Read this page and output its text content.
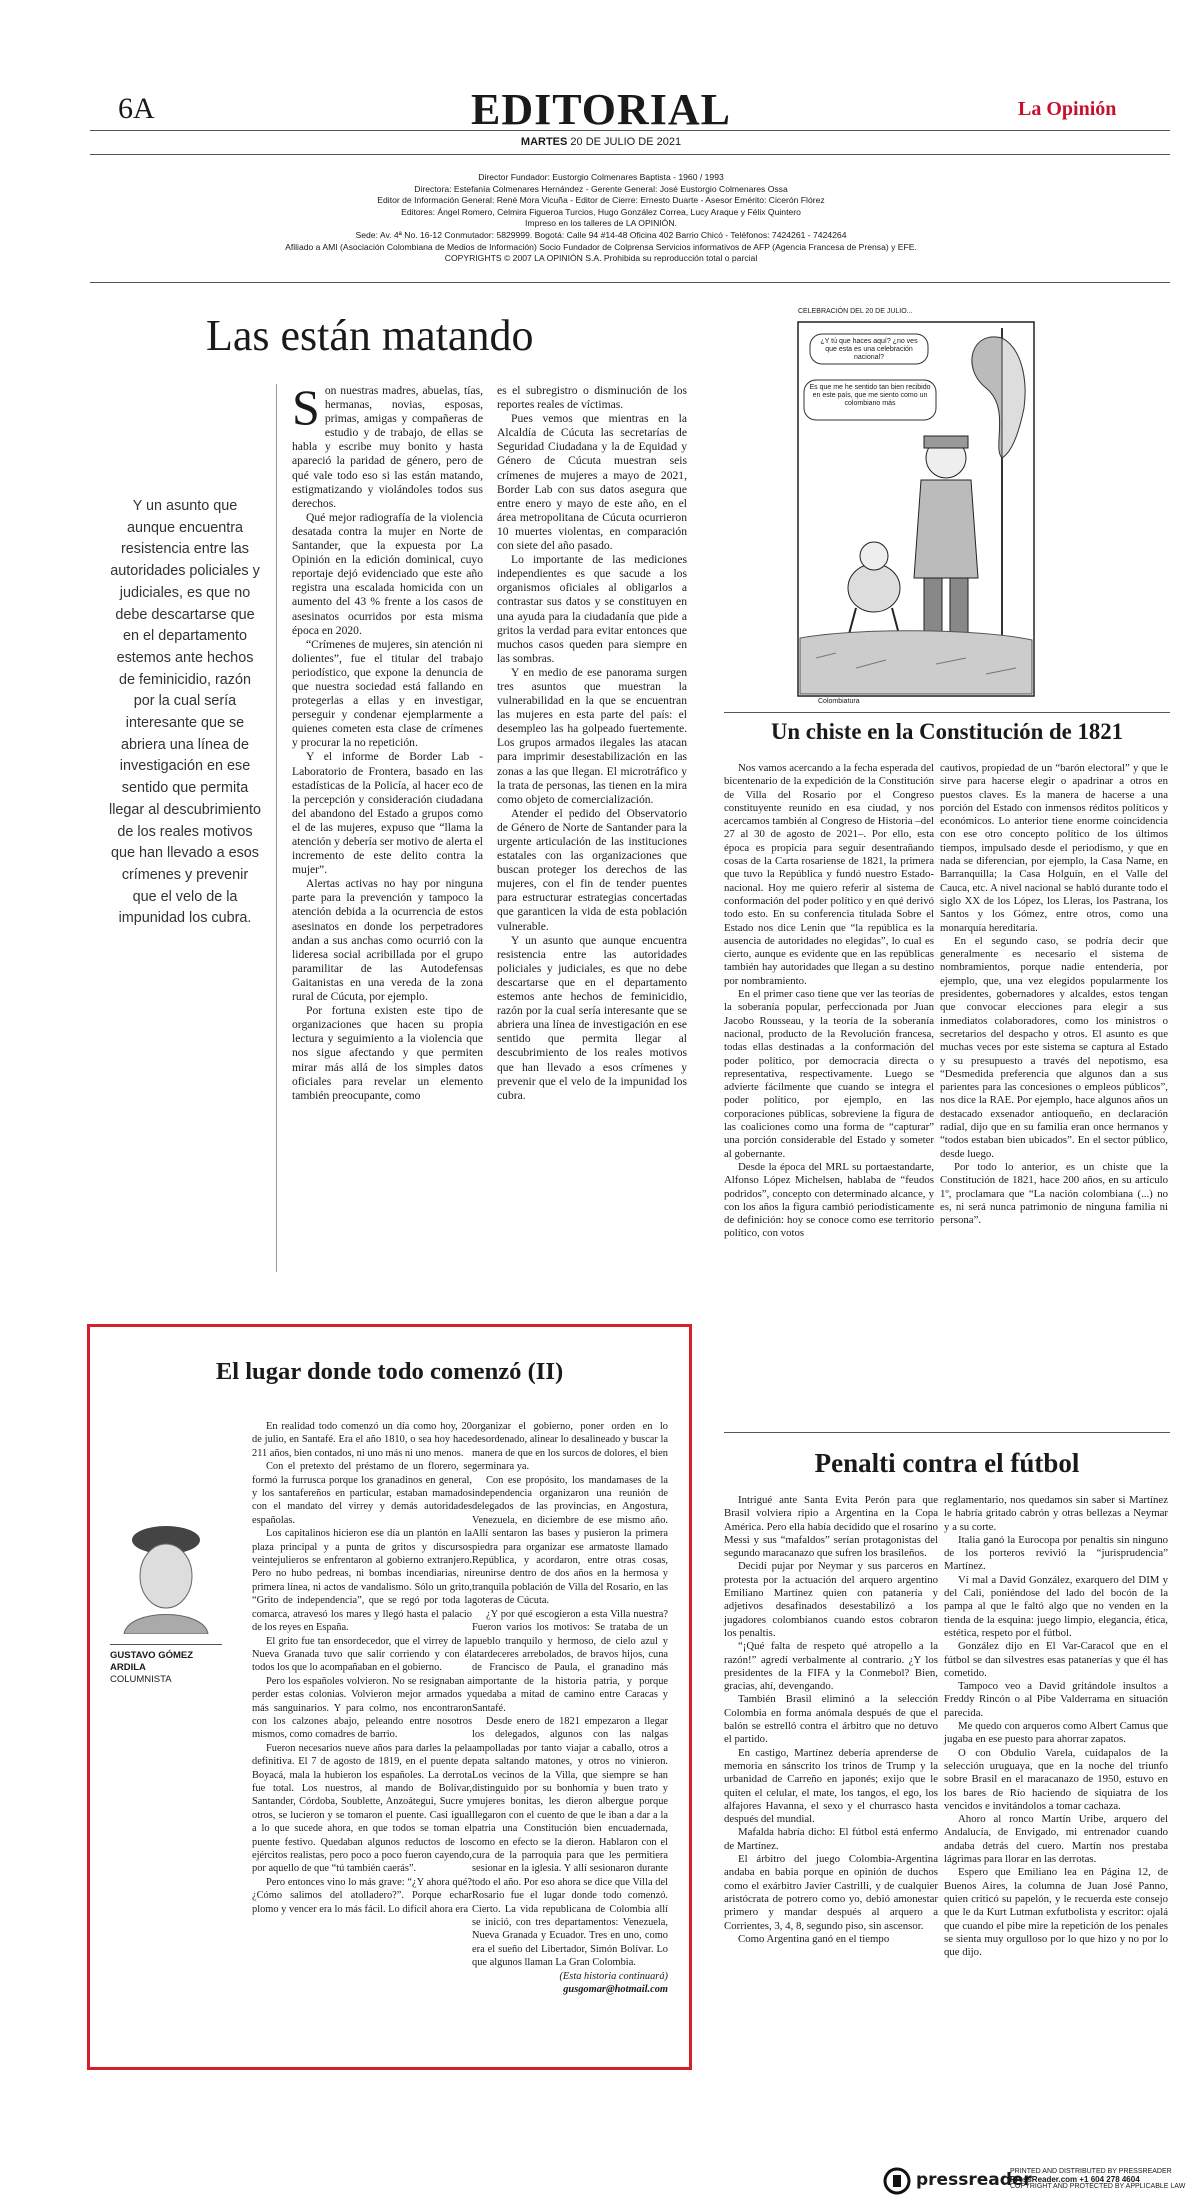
6A	EDITORIAL	La Opinión
MARTES 20 DE JULIO DE 2021

Director Fundador: Eustorgio Colmenares Baptista - 1960 / 1993

Directora: Estefanía Colmenares Hernández - Gerente General: José Eustorgio Colmenares Ossa

Editor de Información General: René Mora Vicuña - Editor de Cierre: Ernesto Duarte - Asesor Emérito: Cicerón Flórez

Editores: Ángel Romero, Celmira Figueroa Turcios, Hugo González Correa, Lucy Araque y Félix Quintero

Impreso en los talleres de LA OPINIÓN.

Sede: Av. 4ª No. 16-12 Conmutador: 5829999. Bogotá: Calle 94 #14-48 Oficina 402 Barrio Chicó - Teléfonos: 7424261 - 7424264

Afiliado a AMI (Asociación Colombiana de Medios de Información) Socio Fundador de Colprensa Servicios informativos de AFP (Agencia Francesa de Prensa) y EFE.

COPYRIGHTS © 2007 LA OPINIÓN S.A. Prohibida su reproducción total o parcial

Las están matando
Y un asunto que aunque encuentra resistencia entre las autoridades policiales y judiciales, es que no debe descartarse que en el departamento estemos ante hechos de feminicidio, razón por la cual sería interesante que se abriera una línea de investigación en ese sentido que permita llegar al descubrimiento de los reales motivos que han llevado a esos crímenes y prevenir que el velo de la impunidad los cubra.

Son nuestras madres, abuelas, tías, hermanas, novias, esposas, primas, amigas y compañeras de estudio y de trabajo, de ellas se habla y escribe muy bonito y hasta apareció la paridad de género, pero de qué vale todo eso si las están matando, estigmatizando y violándoles todos sus derechos.

Qué mejor radiografía de la violencia desatada contra la mujer en Norte de Santander, que la expuesta por La Opinión en la edición dominical, cuyo reportaje dejó evidenciado que este año registra una escalada homicida con un aumento del 43 % frente a los casos de asesinatos ocurridos por esta misma época en 2020.

“Crímenes de mujeres, sin atención ni dolientes”, fue el titular del trabajo periodístico, que expone la denuncia de que nuestra sociedad está fallando en protegerlas a ellas y en investigar, perseguir y condenar ejemplarmente a quienes cometen esta clase de crímenes y procurar la no repetición.

Y el informe de Border Lab - Laboratorio de Frontera, basado en las estadísticas de la Policía, al hacer eco de la percepción y consideración ciudadana del abandono del Estado a grupos como el de las mujeres, expuso que “llama la atención y debería ser motivo de alerta el incremento de este delito contra la mujer”.

Alertas activas no hay por ninguna parte para la prevención y tampoco la atención debida a la ocurrencia de estos asesinatos en donde los perpetradores andan a sus anchas como ocurrió con la lideresa social acribillada por el grupo paramilitar de las Autodefensas Gaitanistas en una vereda de la zona rural de Cúcuta, por ejemplo.

Por fortuna existen este tipo de organizaciones que hacen su propia lectura y seguimiento a la violencia que nos sigue afectando y que permiten mirar más allá de los simples datos oficiales para revelar un elemento también preocupante, como

es el subregistro o disminución de los reportes reales de víctimas.

Pues vemos que mientras en la Alcaldía de Cúcuta las secretarías de Seguridad Ciudadana y la de Equidad y Género de Cúcuta muestran seis crímenes de mujeres a mayo de 2021, Border Lab con sus datos asegura que entre enero y mayo de este año, en el área metropolitana de Cúcuta ocurrieron 10 muertes violentas, en comparación con siete del año pasado.

Lo importante de las mediciones independientes es que sacude a los organismos oficiales al obligarlos a contrastar sus datos y se constituyen en una ayuda para la ciudadanía que pide a gritos la verdad para evitar entonces que muchos casos queden para siempre en las sombras.

Y en medio de ese panorama surgen tres asuntos que muestran la vulnerabilidad en la que se encuentran las mujeres en esta parte del país: el desempleo las ha golpeado fuertemente. Los grupos armados ilegales las atacan para imprimir desestabilización en las zonas a las que llegan. El microtráfico y la trata de personas, las tienen en la mira como objeto de comercialización.

Atender el pedido del Observatorio de Género de Norte de Santander para la urgente articulación de las instituciones estatales con las organizaciones que buscan proteger los derechos de las mujeres, con el fin de tender puentes para estructurar estrategias concertadas que garanticen la vida de esta población vulnerable.

Y un asunto que aunque encuentra resistencia entre las autoridades policiales y judiciales, es que no debe descartarse que en el departamento estemos ante hechos de feminicidio, razón por la cual sería interesante que se abriera una línea de investigación en ese sentido que permita llegar al descubrimiento de los reales motivos que han llevado a esos crímenes y prevenir que el velo de la impunidad los cubra.

CELEBRACIÓN DEL 20 DE JULIO...
¿Y tú que haces aquí? ¿no ves que esta es una celebración nacional?
Es que me he sentido tan bien recibido en este país, que me siento como un colombiano más
Colombiatura
Un chiste en la Constitución de 1821

Nos vamos acercando a la fecha esperada del bicentenario de la expedición de la Constitución de Villa del Rosario por el Congreso constituyente reunido en esa ciudad, y nos acercamos también al Congreso de Historia –del 27 al 30 de agosto de 2021–. Por ello, esta época es propicia para seguir desentrañando cosas de la Carta rosariense de 1821, la primera que tuvo la República y fundó nuestro Estado-nacional. Hoy me quiero referir al sistema de conformación del poder político y en qué derivó todo esto. En su conferencia titulada Sobre el Estado nos dice Lenin que “la república es la ausencia de autoridades no elegidas”, lo cual es cierto, aunque es evidente que en las repúblicas también hay autoridades que llegan a su destino por nombramiento.

En el primer caso tiene que ver las teorías de la soberanía popular, perfeccionada por Juan Jacobo Rousseau, y la teoría de la soberanía nacional, producto de la Revolución francesa, todas ellas destinadas a la conformación del poder político, por democracia directa o representativa, respectivamente. Luego se advierte fácilmente que cuando se integra el poder político, por ejemplo, en las corporaciones públicas, sobreviene la figura de las coaliciones como una forma de “capturar” una porción considerable del Estado y someter al gobernante.

Desde la época del MRL su portaestandarte, Alfonso López Michelsen, hablaba de “feudos podridos”, concepto con determinado alcance, y con los años la figura cambió periodísticamente de definición: hoy se conoce como ese territorio político, con votos

cautivos, propiedad de un “barón electoral” y que le sirve para hacerse elegir o apadrinar a otros en puestos claves. Es la manera de hacerse a una porción del Estado con inmensos réditos políticos y económicos. Lo anterior tiene enorme coincidencia con ese otro concepto político de los últimos tiempos, impulsado desde el periodismo, y que en nada se diferencian, por ejemplo, la Casa Name, en Barranquilla; la Casa Holguín, en el Valle del Cauca, etc. A nivel nacional se habló durante todo el siglo XX de los López, los Lleras, los Pastrana, los Santos y los Gómez, entre otros, como una monarquía hereditaria.

En el segundo caso, se podría decir que generalmente es necesario el sistema de nombramientos, porque nadie entendería, por ejemplo, que, una vez elegidos popularmente los presidentes, gobernadores y alcaldes, estos tengan que convocar elecciones para elegir a sus inmediatos colaboradores, como los ministros o secretarios del despacho y otros. El asunto es que muchas veces por este sistema se captura al Estado y su presupuesto a través del nepotismo, esa “Desmedida preferencia que algunos dan a sus parientes para las concesiones o empleos públicos”, nos dice la RAE. Por ejemplo, hace algunos años un destacado exsenador antioqueño, en declaración radial, dijo que en su familia eran once hermanos y “todos estaban bien ubicados”. En el sector público, desde luego.

Por todo lo anterior, es un chiste que la Constitución de 1821, hace 200 años, en su artículo 1º, proclamara que “La nación colombiana (...) no es, ni será nunca patrimonio de ninguna familia ni persona”.

El lugar donde todo comenzó (II)
GUSTAVO GÓMEZ
ARDILA
COLUMNISTA

En realidad todo comenzó un día como hoy, 20 de julio, en Santafé. Era el año 1810, o sea hoy hace 211 años, bien contados, ni uno más ni uno menos.

Con el pretexto del préstamo de un florero, se formó la furrusca porque los granadinos en general, y los santafereños en particular, estaban mamados con el mandato del virrey y demás autoridades españolas.

Los capitalinos hicieron ese día un plantón en la plaza principal y a punta de gritos y discursos veintejulieros se enfrentaron al gobierno extranjero. Pero no hubo pedreas, ni bombas incendiarias, ni primera línea, ni actos de vandalismo. Sólo un grito, “Grito de independencia”, que se regó por toda la comarca, atravesó los mares y llegó hasta el palacio de los reyes en España.

El grito fue tan ensordecedor, que el virrey de la Nueva Granada tuvo que salir corriendo y con él todos los que lo acompañaban en el gobierno.

Pero los españoles volvieron. No se resignaban a perder estas colonias. Volvieron mejor armados y más sanguinarios. Y para colmo, nos encontraron con los calzones abajo, peleando entre nosotros mismos, como comadres de barrio.

Fueron necesarios nueve años para darles la pela definitiva. El 7 de agosto de 1819, en el puente de Boyacá, mala la hubieron los españoles. La derrota fue total. Los nuestros, al mando de Bolívar, Santander, Córdoba, Soublette, Anzoátegui, Sucre y otros, se lucieron y se tomaron el puente. Casi igual a lo que sucede ahora, en que todos se toman el puente festivo. Quedaban algunos reductos de los ejércitos realistas, pero poco a poco fueron cayendo, por aquello de que “tú también caerás”.

Pero entonces vino lo más grave: “¿Y ahora qué? ¿Cómo salimos del atolladero?”. Porque echar plomo y vencer era lo más fácil. Lo difícil ahora era

organizar el gobierno, poner orden en lo desordenado, alinear lo desalineado y buscar la manera de que en los surcos de dolores, el bien germinara ya.

Con ese propósito, los mandamases de la independencia organizaron una reunión de delegados de las provincias, en Angostura, Venezuela, en diciembre de ese mismo año. Allí sentaron las bases y pusieron la primera piedra para organizar ese armatoste llamado República, y acordaron, entre otras cosas, reunirse dentro de dos años en la hermosa y tranquila población de Villa del Rosario, en las goteras de Cúcuta.

¿Y por qué escogieron a esta Villa nuestra? Fueron varios los motivos: Se trataba de un pueblo tranquilo y hermoso, de cielo azul y atardeceres arrebolados, de bravos hijos, cuna de Francisco de Paula, el granadino más importante de la historia patria, y porque quedaba a mitad de camino entre Caracas y Santafé.

Desde enero de 1821 empezaron a llegar los delegados, algunos con las nalgas ampolladas por tanto viajar a caballo, otros a pata saltando matones, y otros no vinieron. Los vecinos de la Villa, que siempre se han distinguido por su bonhomía y buen trato y mujeres bonitas, les dieron albergue porque llegaron con el cuento de que le iban a dar a la patria una Constitución bien encuadernada, como en efecto se la dieron. Hablaron con el cura de la parroquia para que les permitiera sesionar en la iglesia. Y allí sesionaron durante todo el año. Por eso ahora se dice que Villa del Rosario fue el lugar donde todo comenzó. Cierto. La vida republicana de Colombia allí se inició, con tres departamentos: Venezuela, Nueva Granada y Ecuador. Tres en uno, como era el sueño del Libertador, Simón Bolívar. Lo que algunos llaman La Gran Colombia.

(Esta historia continuará)

gusgomar@hotmail.com

Penalti contra el fútbol

Intrigué ante Santa Evita Perón para que Brasil volviera ripio a Argentina en la Copa América. Pero ella había decidido que el rosarino Messi y sus “mafaldos” serían protagonistas del segundo maracanazo que sufren los brasileños.

Decidí pujar por Neymar y sus parceros en protesta por la actuación del arquero argentino Emiliano Martínez quien con patanería y adjetivos desafinados desestabilizó a los jugadores colombianos cuando estos cobraron los penaltis.

“¡Qué falta de respeto qué atropello a la razón!” agredí verbalmente al contrario. ¿Y los presidentes de la FIFA y la Conmebol? Bien, gracias, ahí, devengando.

También Brasil eliminó a la selección Colombia en forma anómala después de que el balón se estrelló contra el árbitro que no detuvo el partido.

En castigo, Martínez debería aprenderse de memoria en sánscrito los trinos de Trump y la urbanidad de Carreño en japonés; exijo que le quiten el celular, el mate, los tangos, el ego, los alfajores Havanna, el sexo y el churrasco hasta después del mundial.

Mafalda habría dicho: El fútbol está enfermo de Martínez.

El árbitro del juego Colombia-Argentina andaba en babia porque en opinión de duchos como el exárbitro Javier Castrilli, y de cualquier aristócrata de potrero como yo, debió amonestar primero y mandar después al arquero a Corrientes, 3, 4, 8, segundo piso, sin ascensor.

Como Argentina ganó en el tiempo

reglamentario, nos quedamos sin saber si Martínez le habría gritado cabrón y otras bellezas a Neymar y a su corte.

Italia ganó la Eurocopa por penaltis sin ninguno de los porteros revivió la “jurisprudencia” Martínez.

Ví mal a David González, exarquero del DIM y del Cali, poniéndose del lado del bocón de la pampa al que le faltó algo que no venden en la tienda de la esquina: juego limpio, elegancia, ética, estética, respeto por el fútbol.

González dijo en El Var-Caracol que en el fútbol se dan silvestres esas patanerías y que él has cometido.

Tampoco veo a David gritándole insultos a Freddy Rincón o al Pibe Valderrama en situación parecida.

Me quedo con arqueros como Albert Camus que jugaba en ese puesto para ahorrar zapatos.

O con Obdulio Varela, cuidapalos de la selección uruguaya, que en la noche del triunfo sobre Brasil en el maracanazo de 1950, estuvo en los bares de Río haciendo de siquiatra de los vencidos e invitándolos a tomar cachaza.

Ahoro al ronco Martín Uribe, arquero del Andalucía, de Envigado, mi entrenador cuando andaba detrás del cuero. Martín nos prestaba lágrimas para llorar en las derrotas.

Espero que Emiliano lea en Página 12, de Buenos Aires, la columna de Juan José Panno, quien criticó su papelón, y le recuerda este consejo que le da Kurt Lutman exfutbolista y escritor: ojalá que cuando el pibe mire la repetición de los penales se sienta muy orgulloso por lo que hizo y no por lo que dijo.

pressreader
PRINTED AND DISTRIBUTED BY PRESSREADER
PressReader.com +1 604 278 4604
COPYRIGHT AND PROTECTED BY APPLICABLE LAW
